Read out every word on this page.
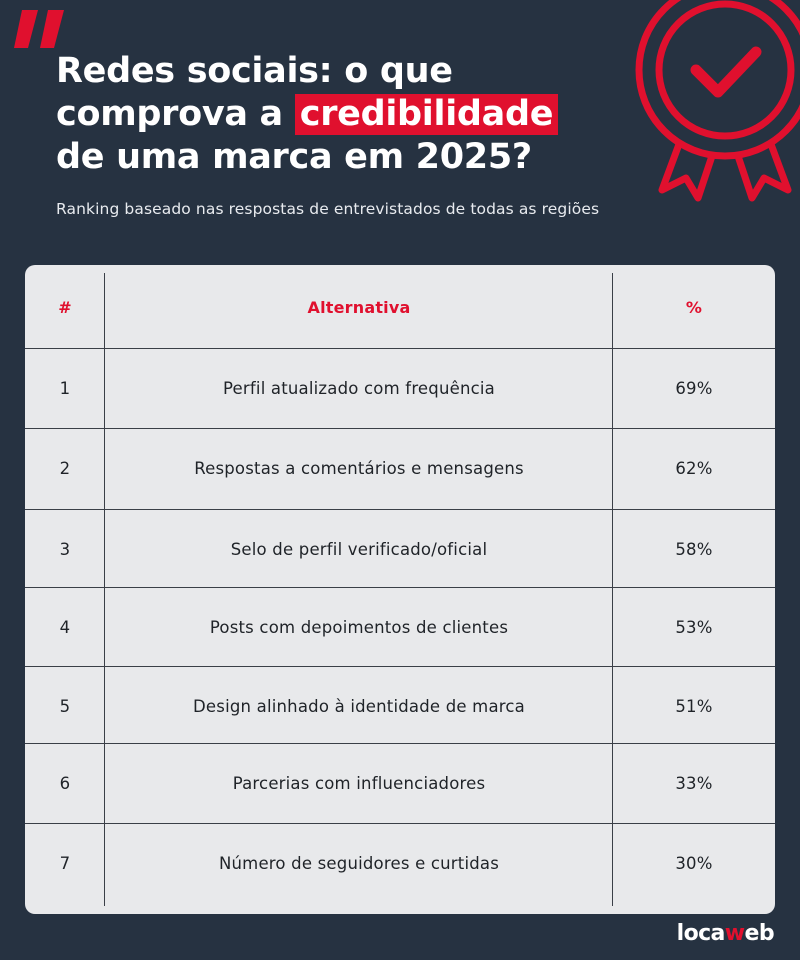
Redes sociais: o que
comprova a credibilidade
de uma marca em 2025?

Ranking baseado nas respostas de entrevistados de todas as regiões

#	Alternativa	%
1	Perfil atualizado com frequência	69%
2	Respostas a comentários e mensagens	62%
3	Selo de perfil verificado/oficial	58%
4	Posts com depoimentos de clientes	53%
5	Design alinhado à identidade de marca	51%
6	Parcerias com influenciadores	33%
7	Número de seguidores e curtidas	30%
locaweb
